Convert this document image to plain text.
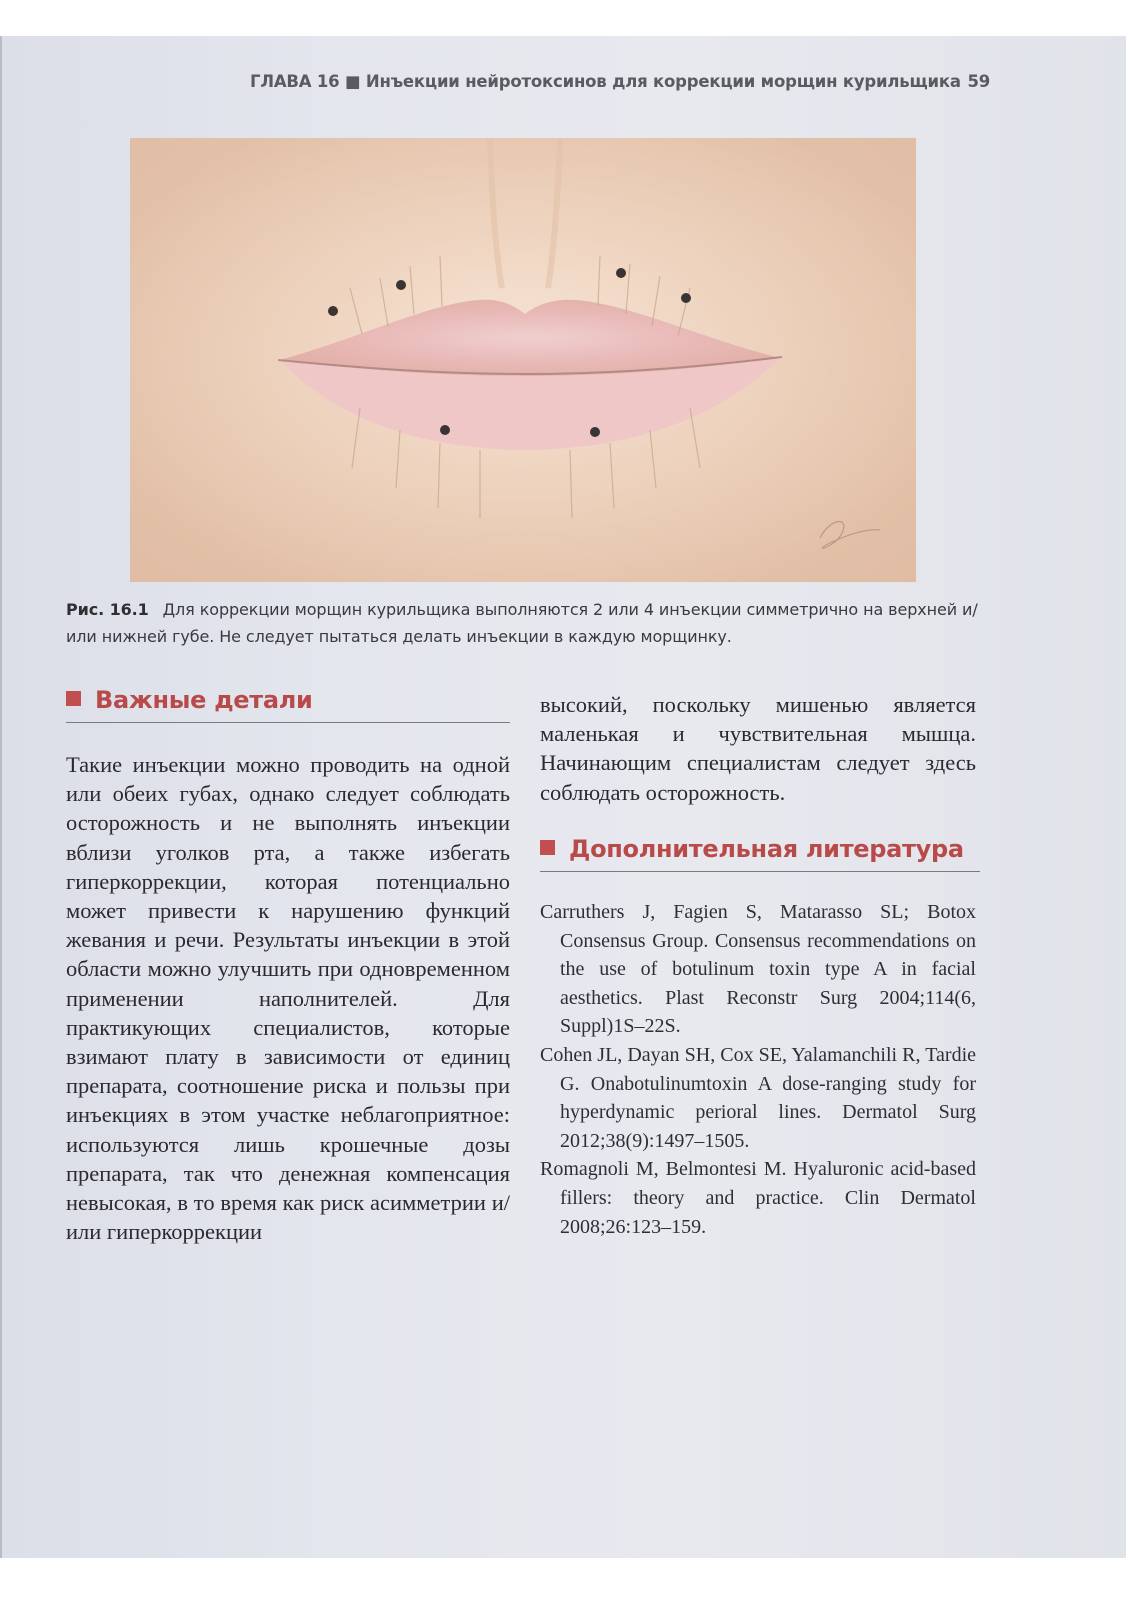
ГЛАВА 16 ■ Инъекции нейротоксинов для коррекции морщин курильщика 59
Рис. 16.1 Для коррекции морщин курильщика выполняются 2 или 4 инъекции симметрично на верхней и/или нижней губе. Не следует пытаться делать инъекции в каждую морщинку.
Важные детали

Такие инъекции можно проводить на одной или обеих губах, однако следует соблюдать осторожность и не выполнять инъекции вблизи уголков рта, а также избегать гиперкоррекции, которая потенциально может привести к нарушению функций жевания и речи. Результаты инъекции в этой области можно улучшить при одновременном применении наполнителей. Для практикующих специалистов, которые взимают плату в зависимости от единиц препарата, соотношение риска и пользы при инъекциях в этом участке неблагоприятное: используются лишь крошечные дозы препарата, так что денежная компенсация невысокая, в то время как риск асимметрии и/или гиперкоррекции

высокий, поскольку мишенью является маленькая и чувствительная мышца. Начинающим специалистам следует здесь соблюдать осторожность.

Дополнительная литература

Carruthers J, Fagien S, Matarasso SL; Botox Consensus Group. Consensus recommendations on the use of botulinum toxin type A in facial aesthetics. Plast Reconstr Surg 2004;114(6, Suppl)1S–22S.

Cohen JL, Dayan SH, Cox SE, Yalamanchili R, Tardie G. Onabotulinumtoxin A dose-ranging study for hyperdynamic perioral lines. Dermatol Surg 2012;38(9):1497–1505.

Romagnoli M, Belmontesi M. Hyaluronic acid-based fillers: theory and practice. Clin Dermatol 2008;26:123–159.
